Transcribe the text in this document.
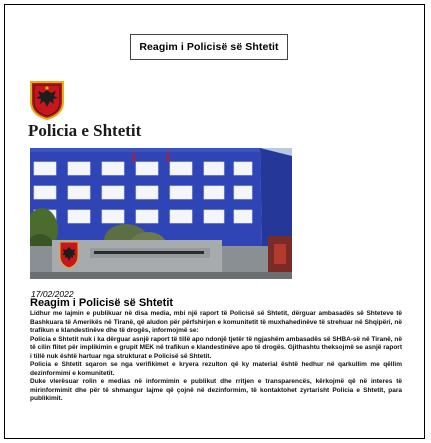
Reagim i Policisë së Shtetit
Policia e Shtetit
17/02/2022
Reagim i Policisë së Shtetit

Lidhur me lajmin e publikuar në disa media, mbi një raport të Policisë së Shtetit, dërguar ambasadës së Shteteve të Bashkuara të Amerikës në Tiranë, që aludon për përfshirjen e komunitetit të muxhahedinëve të strehuar në Shqipëri, në trafikun e klandestinëve dhe të drogës, informojmë se:

Policia e Shtetit nuk i ka dërguar asnjë raport të tillë apo ndonjë tjetër të ngjashëm ambasadës së SHBA-së në Tiranë, në të cilin flitet për implikimin e grupit MEK në trafikun e klandestinëve apo të drogës. Gjithashtu theksojmë se asnjë raport i tillë nuk është hartuar nga strukturat e Policisë së Shtetit.

Policia e Shtetit sqaron se nga verifikimet e kryera rezulton që ky material është hedhur në qarkullim me qëllim dezinformimi e komunitetit.

Duke vlerësuar rolin e medias në informimin e publikut dhe rritjen e transparencës, kërkojmë që në interes të mirinformimit dhe për të shmangur lajme që çojnë në dezinformim, të kontaktohet zyrtarisht Policia e Shtetit, para publikimit.
